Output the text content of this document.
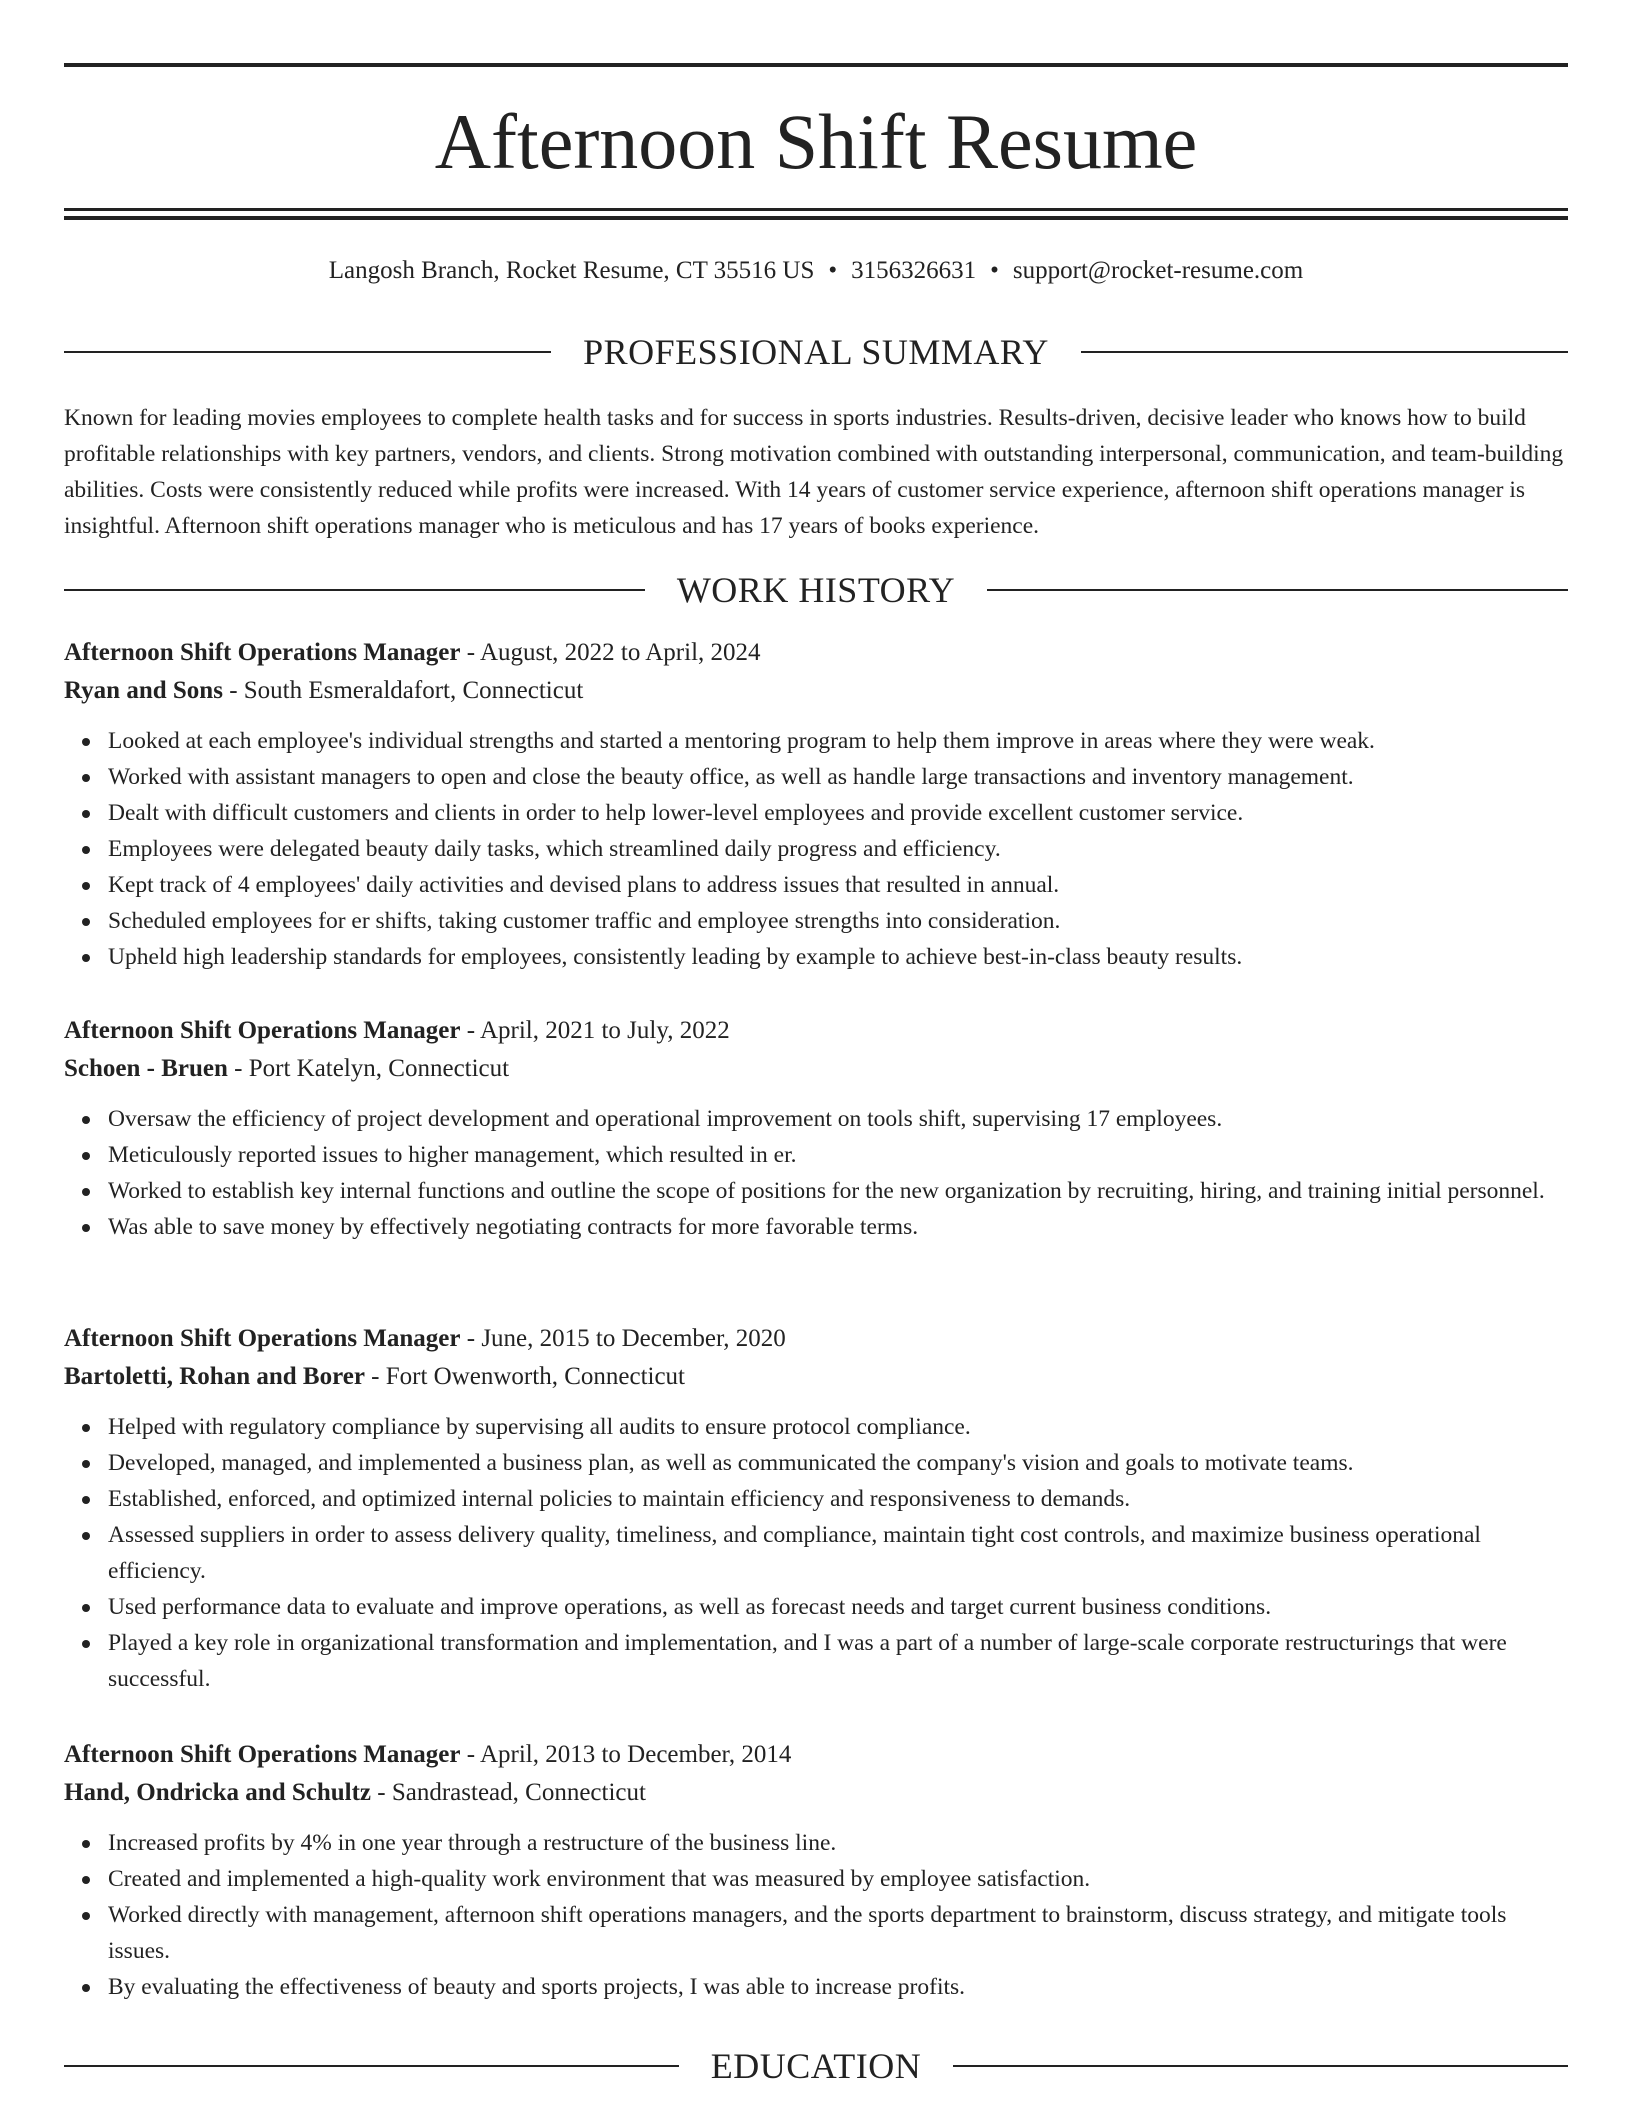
Afternoon Shift Resume
Langosh Branch, Rocket Resume, CT 35516 US • 3156326631 • support@rocket-resume.com
PROFESSIONAL SUMMARY

Known for leading movies employees to complete health tasks and for success in sports industries. Results-driven, decisive leader who knows how to build profitable relationships with key partners, vendors, and clients. Strong motivation combined with outstanding interpersonal, communication, and team-building abilities. Costs were consistently reduced while profits were increased. With 14 years of customer service experience, afternoon shift operations manager is insightful. Afternoon shift operations manager who is meticulous and has 17 years of books experience.

WORK HISTORY
Afternoon Shift Operations Manager - August, 2022 to April, 2024
Ryan and Sons - South Esmeraldafort, Connecticut
Looked at each employee's individual strengths and started a mentoring program to help them improve in areas where they were weak.
Worked with assistant managers to open and close the beauty office, as well as handle large transactions and inventory management.
Dealt with difficult customers and clients in order to help lower-level employees and provide excellent customer service.
Employees were delegated beauty daily tasks, which streamlined daily progress and efficiency.
Kept track of 4 employees' daily activities and devised plans to address issues that resulted in annual.
Scheduled employees for er shifts, taking customer traffic and employee strengths into consideration.
Upheld high leadership standards for employees, consistently leading by example to achieve best-in-class beauty results.
Afternoon Shift Operations Manager - April, 2021 to July, 2022
Schoen - Bruen - Port Katelyn, Connecticut
Oversaw the efficiency of project development and operational improvement on tools shift, supervising 17 employees.
Meticulously reported issues to higher management, which resulted in er.
Worked to establish key internal functions and outline the scope of positions for the new organization by recruiting, hiring, and training initial personnel.
Was able to save money by effectively negotiating contracts for more favorable terms.
Afternoon Shift Operations Manager - June, 2015 to December, 2020
Bartoletti, Rohan and Borer - Fort Owenworth, Connecticut
Helped with regulatory compliance by supervising all audits to ensure protocol compliance.
Developed, managed, and implemented a business plan, as well as communicated the company's vision and goals to motivate teams.
Established, enforced, and optimized internal policies to maintain efficiency and responsiveness to demands.
Assessed suppliers in order to assess delivery quality, timeliness, and compliance, maintain tight cost controls, and maximize business operational efficiency.
Used performance data to evaluate and improve operations, as well as forecast needs and target current business conditions.
Played a key role in organizational transformation and implementation, and I was a part of a number of large-scale corporate restructurings that were successful.
Afternoon Shift Operations Manager - April, 2013 to December, 2014
Hand, Ondricka and Schultz - Sandrastead, Connecticut
Increased profits by 4% in one year through a restructure of the business line.
Created and implemented a high-quality work environment that was measured by employee satisfaction.
Worked directly with management, afternoon shift operations managers, and the sports department to brainstorm, discuss strategy, and mitigate tools issues.
By evaluating the effectiveness of beauty and sports projects, I was able to increase profits.
EDUCATION
